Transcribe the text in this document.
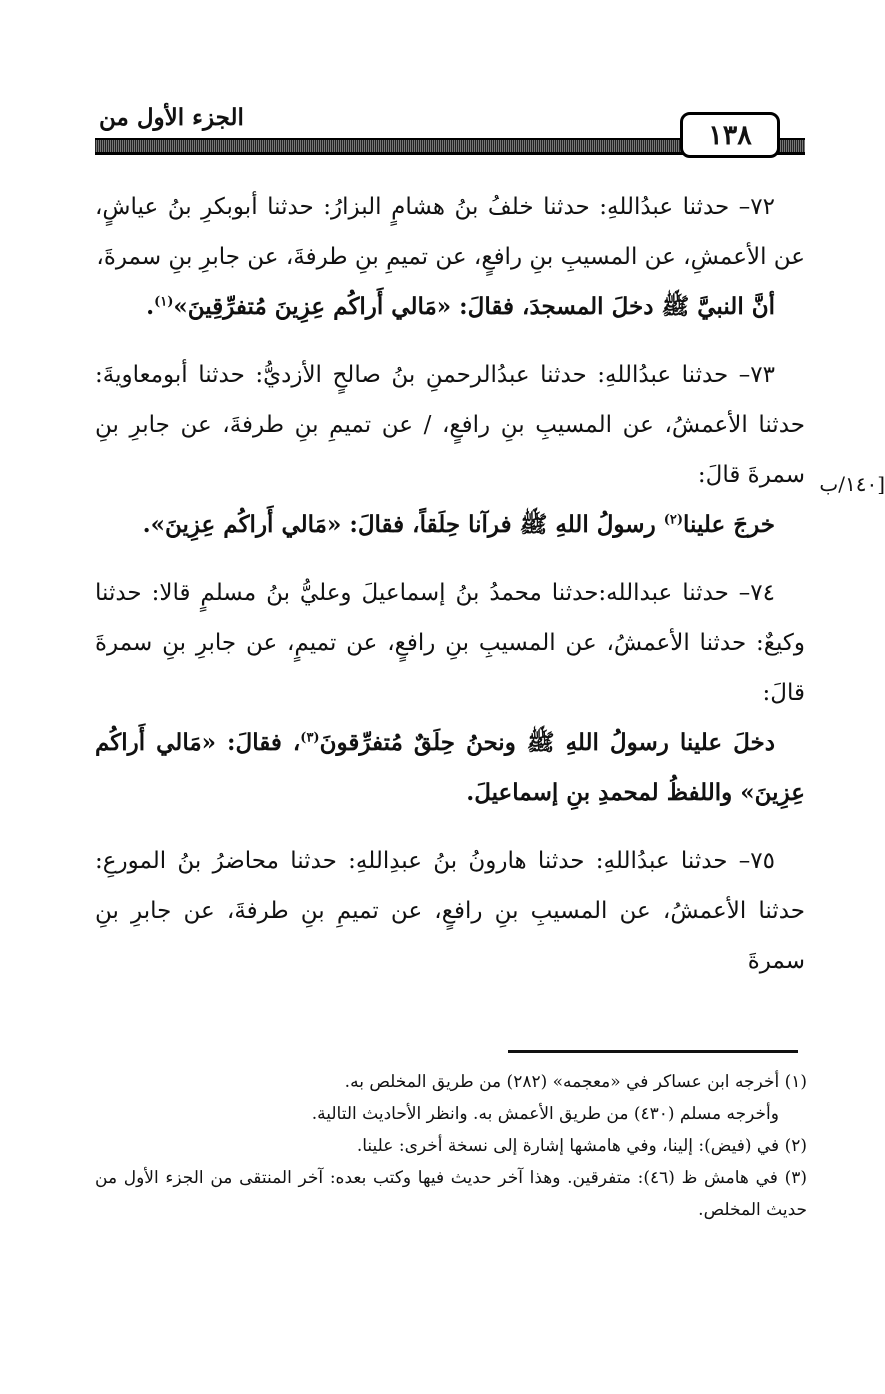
الجزء الأول من
١٣٨

٧٢– حدثنا عبدُاللهِ: حدثنا خلفُ بنُ هشامٍ البزارُ: حدثنا أبوبكرِ بنُ عياشٍ، عن الأعمشِ، عن المسيبِ بنِ رافعٍ، عن تميمِ بنِ طرفةَ، عن جابرِ بنِ سمرةَ،

أنَّ النبيَّ ﷺ دخلَ المسجدَ، فقالَ: «مَالي أَراكُم عِزِينَ مُتفرِّقِينَ»$^{(١)}$.

٧٣– حدثنا عبدُاللهِ: حدثنا عبدُالرحمنِ بنُ صالحٍ الأزديُّ: حدثنا أبومعاويةَ: حدثنا الأعمشُ، عن المسيبِ بنِ رافعٍ، / عن تميمِ بنِ طرفةَ، عن جابرِ بنِ سمرةَ قالَ:

خرجَ علينا$^{(٢)}$ رسولُ اللهِ ﷺ فرآنا حِلَقاً، فقالَ: «مَالي أَراكُم عِزِينَ».

٧٤– حدثنا عبدالله:حدثنا محمدُ بنُ إسماعيلَ وعليُّ بنُ مسلمٍ قالا: حدثنا وكيعٌ: حدثنا الأعمشُ، عن المسيبِ بنِ رافعٍ، عن تميمٍ، عن جابرِ بنِ سمرةَ قالَ:

دخلَ علينا رسولُ اللهِ ﷺ ونحنُ حِلَقٌ مُتفرِّقونَ$^{(٣)}$، فقالَ: «مَالي أَراكُم عِزِينَ» واللفظُ لمحمدِ بنِ إسماعيلَ.

٧٥– حدثنا عبدُاللهِ: حدثنا هارونُ بنُ عبدِاللهِ: حدثنا محاضرُ بنُ المورعِ: حدثنا الأعمشُ، عن المسيبِ بنِ رافعٍ، عن تميمِ بنِ طرفةَ، عن جابرِ بنِ سمرةَ

١٤٠/ب]

(١) أخرجه ابن عساكر في «معجمه» (٢٨٢) من طريق المخلص به.

وأخرجه مسلم (٤٣٠) من طريق الأعمش به. وانظر الأحاديث التالية.

(٢) في (فيض): إلينا، وفي هامشها إشارة إلى نسخة أخرى: علينا.

(٣) في هامش ظ (٤٦): متفرقين. وهذا آخر حديث فيها وكتب بعده: آخر المنتقى من الجزء الأول من حديث المخلص.
